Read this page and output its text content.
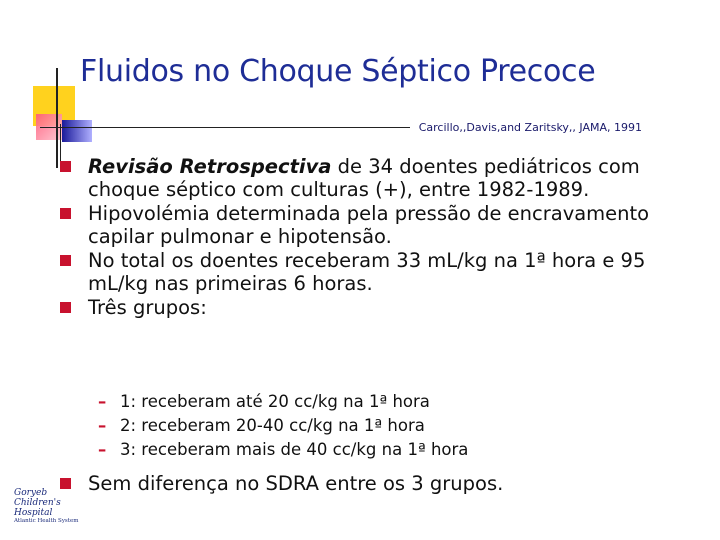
Fluidos no Choque Séptico Precoce
Carcillo,,Davis,and Zaritsky,, JAMA, 1991
Revisão Retrospectiva de 34 doentes pediátricos com choque séptico com culturas (+), entre 1982-1989.
Hipovolémia determinada pela pressão de encravamento capilar pulmonar e hipotensão.
No total os doentes receberam 33 mL/kg na 1ª hora e 95 mL/kg nas primeiras 6 horas.
Três grupos:
– 1: receberam até 20 cc/kg na 1ª hora
– 2: receberam 20-40 cc/kg na 1ª hora
– 3: receberam mais de 40 cc/kg na 1ª hora
Sem diferença no SDRA entre os 3 grupos.
Goryeb
Children's Hospital
Atlantic Health System
